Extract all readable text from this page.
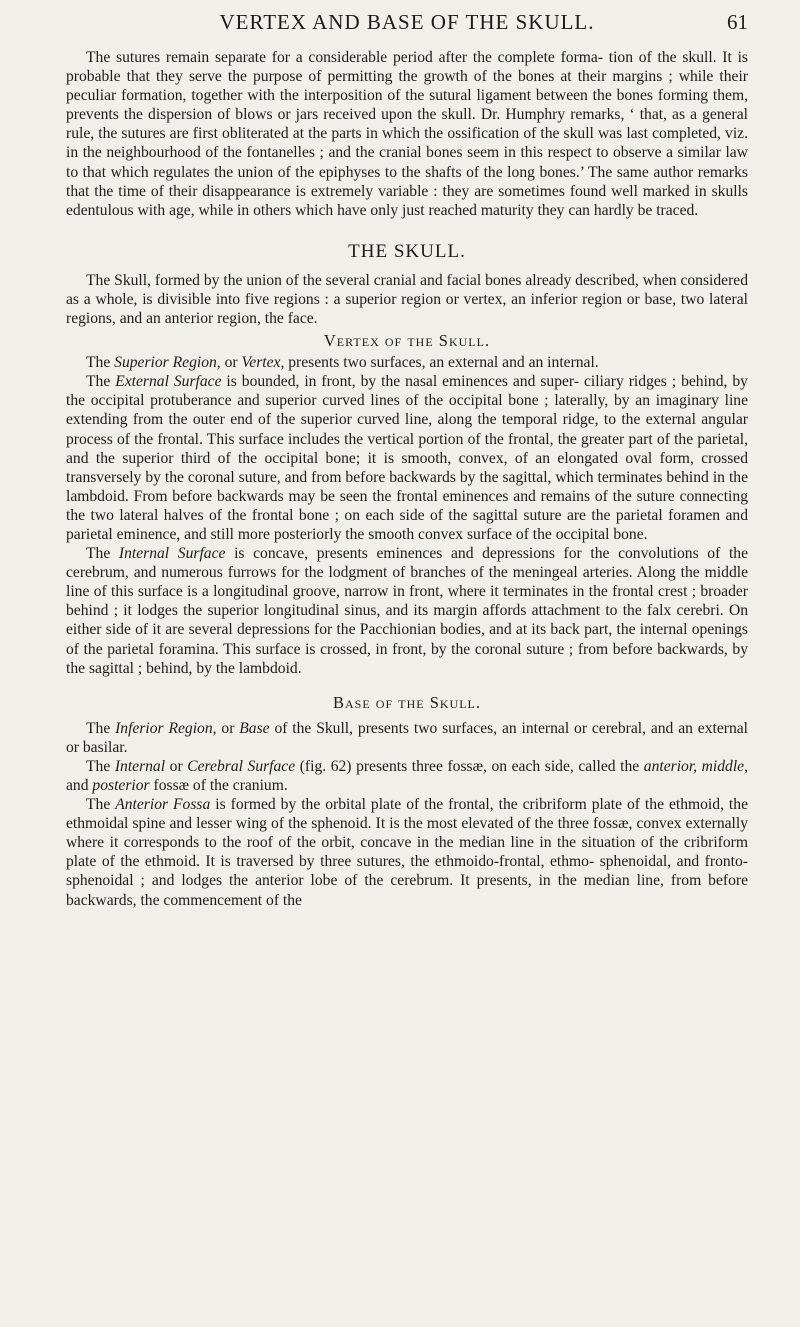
VERTEX AND BASE OF THE SKULL.	61

The sutures remain separate for a considerable period after the complete forma- tion of the skull. It is probable that they serve the purpose of permitting the growth of the bones at their margins ; while their peculiar formation, together with the interposition of the sutural ligament between the bones forming them, prevents the dispersion of blows or jars received upon the skull. Dr. Humphry remarks, ‘ that, as a general rule, the sutures are first obliterated at the parts in which the ossification of the skull was last completed, viz. in the neighbourhood of the fontanelles ; and the cranial bones seem in this respect to observe a similar law to that which regulates the union of the epiphyses to the shafts of the long bones.’ The same author remarks that the time of their disappearance is extremely variable : they are sometimes found well marked in skulls edentulous with age, while in others which have only just reached maturity they can hardly be traced.

THE SKULL.

The Skull, formed by the union of the several cranial and facial bones already described, when considered as a whole, is divisible into five regions : a superior region or vertex, an inferior region or base, two lateral regions, and an anterior region, the face.

Vertex of the Skull.

The Superior Region, or Vertex, presents two surfaces, an external and an internal.

The External Surface is bounded, in front, by the nasal eminences and super- ciliary ridges ; behind, by the occipital protuberance and superior curved lines of the occipital bone ; laterally, by an imaginary line extending from the outer end of the superior curved line, along the temporal ridge, to the external angular process of the frontal. This surface includes the vertical portion of the frontal, the greater part of the parietal, and the superior third of the occipital bone; it is smooth, convex, of an elongated oval form, crossed transversely by the coronal suture, and from before backwards by the sagittal, which terminates behind in the lambdoid. From before backwards may be seen the frontal eminences and remains of the suture connecting the two lateral halves of the frontal bone ; on each side of the sagittal suture are the parietal foramen and parietal eminence, and still more posteriorly the smooth convex surface of the occipital bone.

The Internal Surface is concave, presents eminences and depressions for the convolutions of the cerebrum, and numerous furrows for the lodgment of branches of the meningeal arteries. Along the middle line of this surface is a longitudinal groove, narrow in front, where it terminates in the frontal crest ; broader behind ; it lodges the superior longitudinal sinus, and its margin affords attachment to the falx cerebri. On either side of it are several depressions for the Pacchionian bodies, and at its back part, the internal openings of the parietal foramina. This surface is crossed, in front, by the coronal suture ; from before backwards, by the sagittal ; behind, by the lambdoid.

Base of the Skull.

The Inferior Region, or Base of the Skull, presents two surfaces, an internal or cerebral, and an external or basilar.

The Internal or Cerebral Surface (fig. 62) presents three fossæ, on each side, called the anterior, middle, and posterior fossæ of the cranium.

The Anterior Fossa is formed by the orbital plate of the frontal, the cribriform plate of the ethmoid, the ethmoidal spine and lesser wing of the sphenoid. It is the most elevated of the three fossæ, convex externally where it corresponds to the roof of the orbit, concave in the median line in the situation of the cribriform plate of the ethmoid. It is traversed by three sutures, the ethmoido-frontal, ethmo- sphenoidal, and fronto-sphenoidal ; and lodges the anterior lobe of the cerebrum. It presents, in the median line, from before backwards, the commencement of the
